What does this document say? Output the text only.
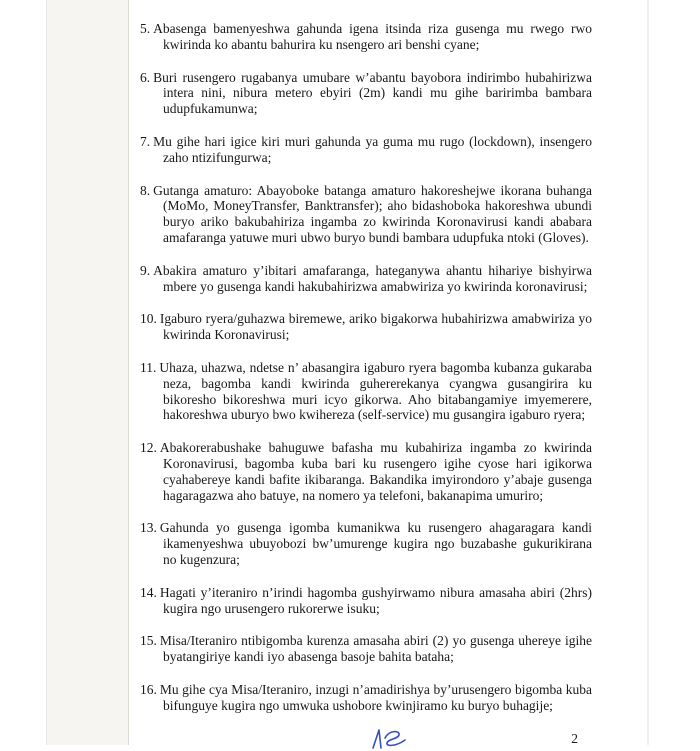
5. Abasenga bamenyeshwa gahunda igena itsinda riza gusenga mu rwego rwo kwirinda ko abantu bahurira ku nsengero ari benshi cyane;

6. Buri rusengero rugabanya umubare w’abantu bayobora indirimbo hubahirizwa intera nini, nibura metero ebyiri (2m) kandi mu gihe baririmba bambara udupfukamunwa;

7. Mu gihe hari igice kiri muri gahunda ya guma mu rugo (lockdown), insengero zaho ntizifungurwa;

8. Gutanga amaturo: Abayoboke batanga amaturo hakoreshejwe ikorana buhanga (MoMo, MoneyTransfer, Banktransfer); aho bidashoboka hakoreshwa ubundi buryo ariko bakubahiriza ingamba zo kwirinda Koronavirusi kandi ababara amafaranga yatuwe muri ubwo buryo bundi bambara udupfuka ntoki (Gloves).

9. Abakira amaturo y’ibitari amafaranga, hateganywa ahantu hihariye bishyirwa mbere yo gusenga kandi hakubahirizwa amabwiriza yo kwirinda koronavirusi;

10. Igaburo ryera/guhazwa biremewe, ariko bigakorwa hubahirizwa amabwiriza yo kwirinda Koronavirusi;

11. Uhaza, uhazwa, ndetse n’ abasangira igaburo ryera bagomba kubanza gukaraba neza, bagomba kandi kwirinda guhererekanya cyangwa gusangirira ku bikoresho bikoreshwa muri icyo gikorwa. Aho bitabangamiye imyemerere, hakoreshwa uburyo bwo kwihereza (self-service) mu gusangira igaburo ryera;

12. Abakorerabushake bahuguwe bafasha mu kubahiriza ingamba zo kwirinda Koronavirusi, bagomba kuba bari ku rusengero igihe cyose hari igikorwa cyahabereye kandi bafite ikibaranga. Bakandika imyirondoro y’abaje gusenga hagaragazwa aho batuye, na nomero ya telefoni, bakanapima umuriro;

13. Gahunda yo gusenga igomba kumanikwa ku rusengero ahagaragara kandi ikamenyeshwa ubuyobozi bw’umurenge kugira ngo buzabashe gukurikirana no kugenzura;

14. Hagati y’iteraniro n’irindi hagomba gushyirwamo nibura amasaha abiri (2hrs) kugira ngo urusengero rukorerwe isuku;

15. Misa/Iteraniro ntibigomba kurenza amasaha abiri (2) yo gusenga uhereye igihe byatangiriye kandi iyo abasenga basoje bahita bataha;

16. Mu gihe cya Misa/Iteraniro, inzugi n’amadirishya by’urusengero bigomba kuba bifunguye kugira ngo umwuka ushobore kwinjiramo ku buryo buhagije;

2
